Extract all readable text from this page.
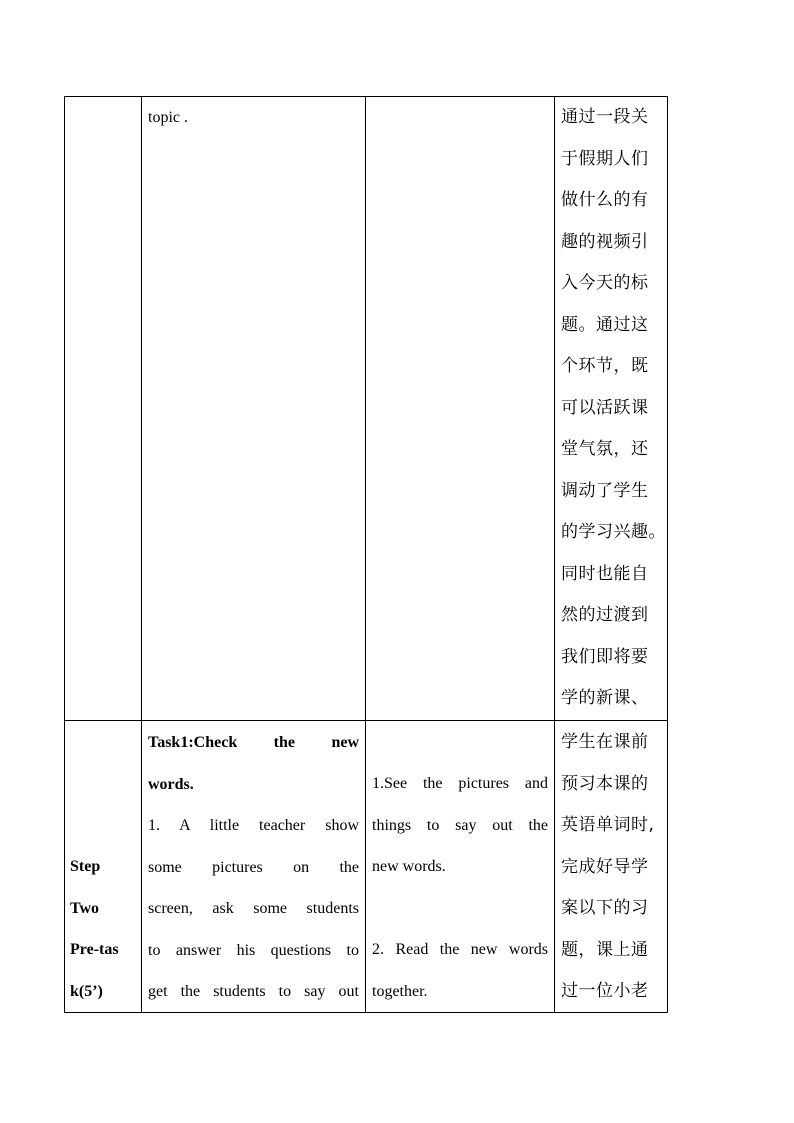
topic .	通过一段关
于假期人们
做什么的有
趣的视频引
入今天的标
题。通过这
个环节，既
可以活跃课
堂气氛，还
调动了学生
的学习兴趣。
同时也能自
然的过渡到
我们即将要
学的新课、
Step
Two
Pre-tas
k(5’)
Task1:Check the new
words.
1. A little teacher show
some pictures on the
screen, ask some students
to answer his questions to
get the students to say out
1.See the pictures and
things to say out the
new words.

2. Read the new words
together.
学生在课前
预习本课的
英语单词时,
完成好导学
案以下的习
题，课上通
过一位小老
